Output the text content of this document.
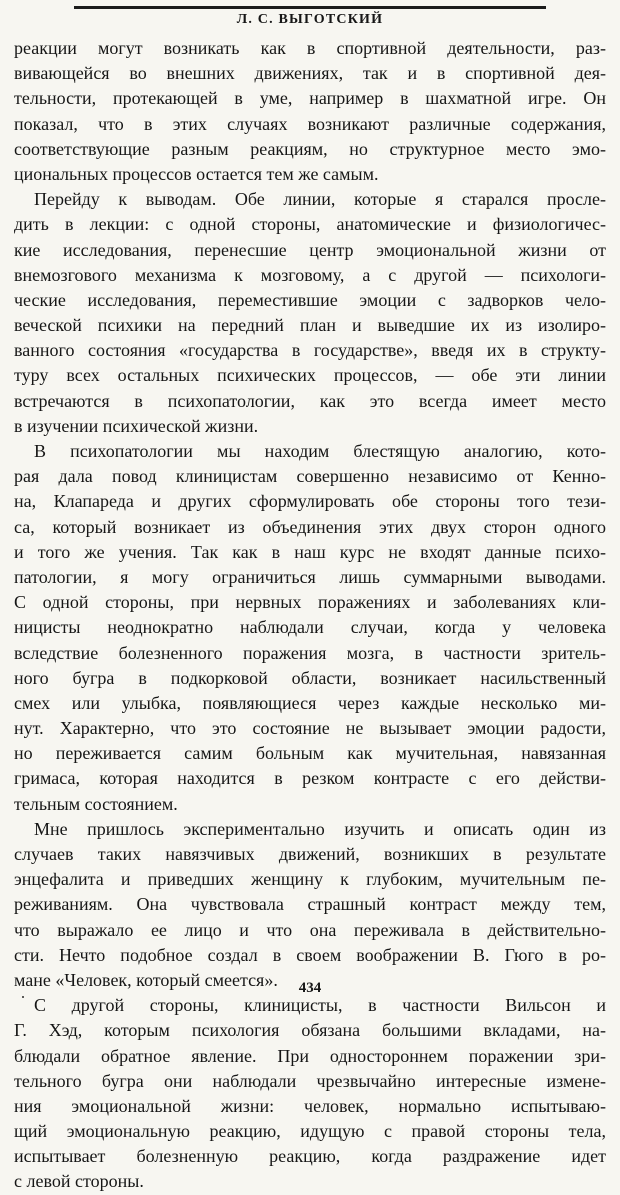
Л. С. ВЫГОТСКИЙ
реакции могут возникать как в спортивной деятельности, раз-
вивающейся во внешних движениях, так и в спортивной дея-
тельности, протекающей в уме, например в шахматной игре. Он
показал, что в этих случаях возникают различные содержания,
соответствующие разным реакциям, но структурное место эмо-
циональных процессов остается тем же самым.
Перейду к выводам. Обе линии, которые я старался просле-
дить в лекции: с одной стороны, анатомические и физиологичес-
кие исследования, перенесшие центр эмоциональной жизни от
внемозгового механизма к мозговому, а с другой — психологи-
ческие исследования, переместившие эмоции с задворков чело-
веческой психики на передний план и выведшие их из изолиро-
ванного состояния «государства в государстве», введя их в структу-
туру всех остальных психических процессов, — обе эти линии
встречаются в психопатологии, как это всегда имеет место
в изучении психической жизни.
В психопатологии мы находим блестящую аналогию, кото-
рая дала повод клиницистам совершенно независимо от Кенно-
на, Клапареда и других сформулировать обе стороны того тези-
са, который возникает из объединения этих двух сторон одного
и того же учения. Так как в наш курс не входят данные психо-
патологии, я могу ограничиться лишь суммарными выводами.
С одной стороны, при нервных поражениях и заболеваниях кли-
ницисты неоднократно наблюдали случаи, когда у человека
вследствие болезненного поражения мозга, в частности зритель-
ного бугра в подкорковой области, возникает насильственный
смех или улыбка, появляющиеся через каждые несколько ми-
нут. Характерно, что это состояние не вызывает эмоции радости,
но переживается самим больным как мучительная, навязанная
гримаса, которая находится в резком контрасте с его действи-
тельным состоянием.
Мне пришлось экспериментально изучить и описать один из
случаев таких навязчивых движений, возникших в результате
энцефалита и приведших женщину к глубоким, мучительным пе-
реживаниям. Она чувствовала страшный контраст между тем,
что выражало ее лицо и что она переживала в действительно-
сти. Нечто подобное создал в своем воображении В. Гюго в ро-
мане «Человек, который смеется».
С другой стороны, клиницисты, в частности Вильсон и
Г. Хэд, которым психология обязана большими вкладами, на-
блюдали обратное явление. При одностороннем поражении зри-
тельного бугра они наблюдали чрезвычайно интересные измене-
ния эмоциональной жизни: человек, нормально испытываю-
щий эмоциональную реакцию, идущую с правой стороны тела,
испытывает болезненную реакцию, когда раздражение идет
с левой стороны.
434
